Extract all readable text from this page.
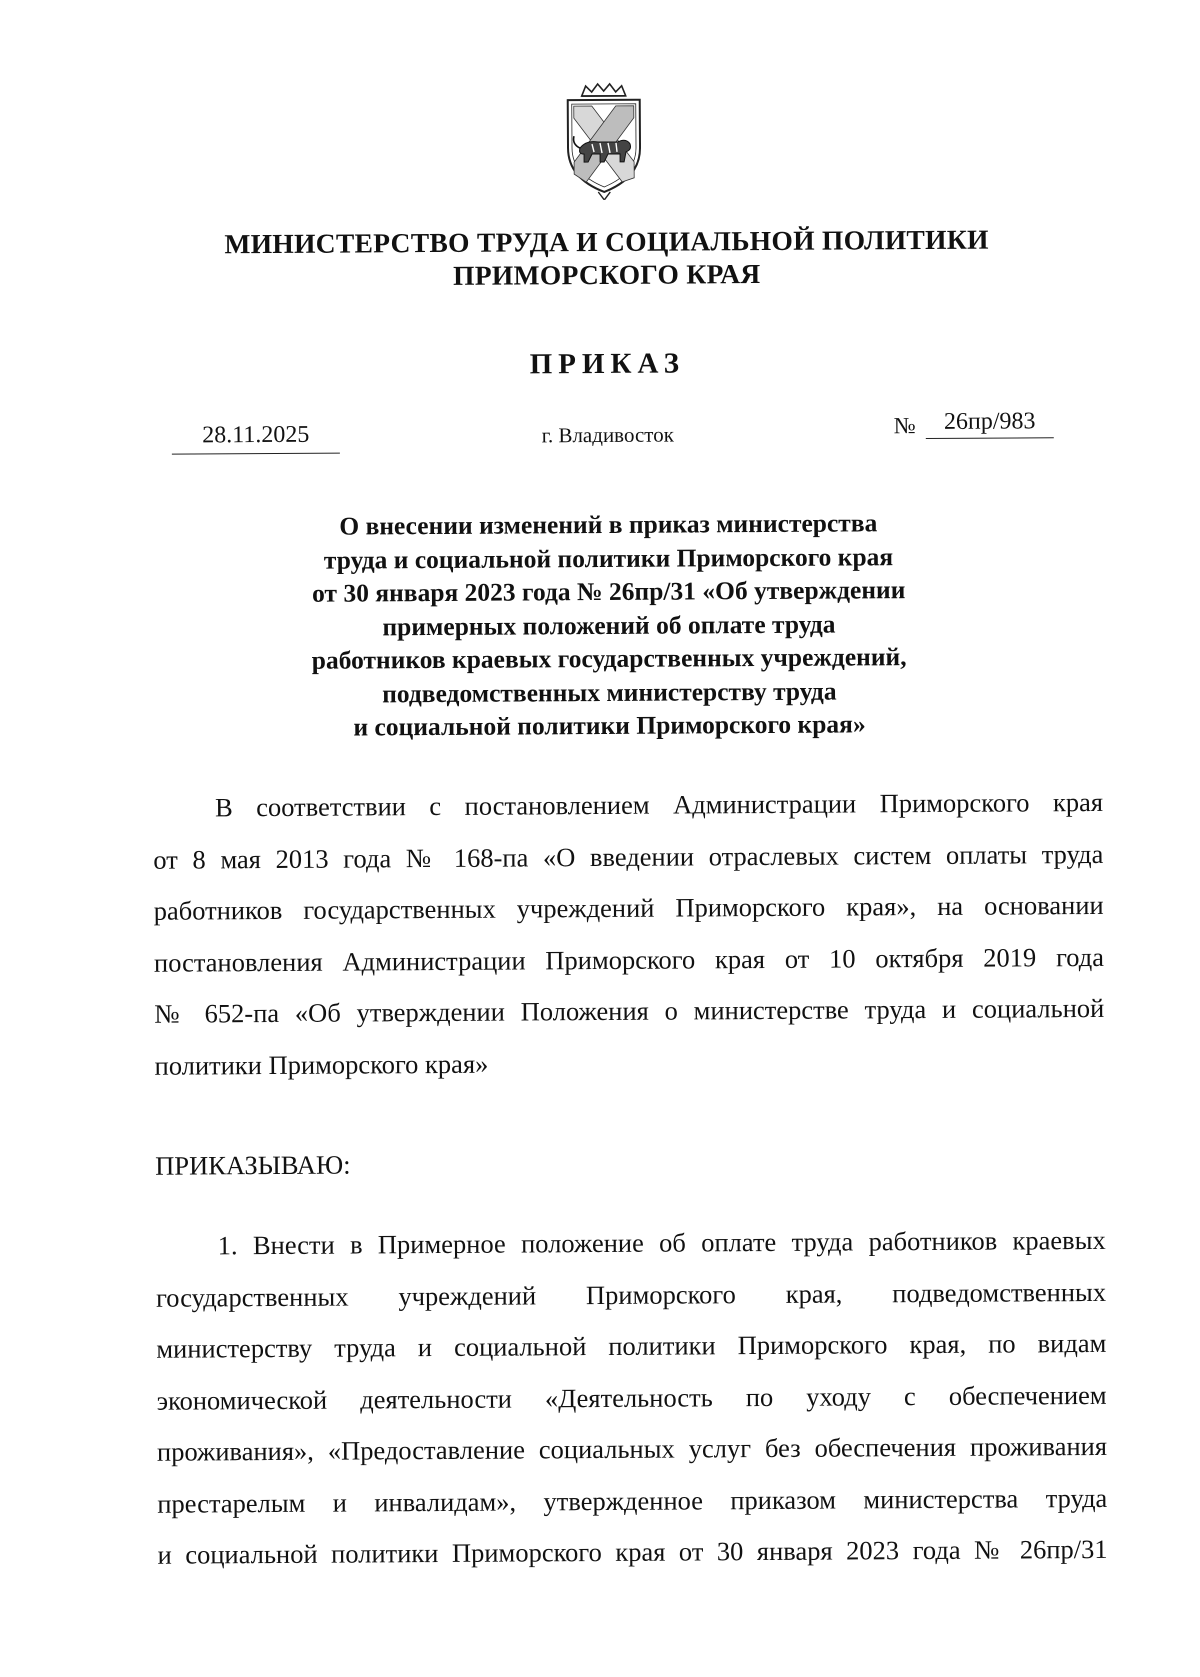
МИНИСТЕРСТВО ТРУДА И СОЦИАЛЬНОЙ ПОЛИТИКИ
ПРИМОРСКОГО КРАЯ
ПРИКАЗ
28.11.2025	г. Владивосток	№	26пр/983
О внесении изменений в приказ министерства
труда и социальной политики Приморского края
от 30 января 2023 года № 26пр/31 «Об утверждении
примерных положений об оплате труда
работников краевых государственных учреждений,
подведомственных министерству труда
и социальной политики Приморского края»
В соответствии с постановлением Администрации Приморского края
от 8 мая 2013 года № 168-па «О введении отраслевых систем оплаты труда
работников государственных учреждений Приморского края», на основании
постановления Администрации Приморского края от 10 октября 2019 года
№ 652-па «Об утверждении Положения о министерстве труда и социальной
политики Приморского края»
ПРИКАЗЫВАЮ:
1. Внести в Примерное положение об оплате труда работников краевых
государственных учреждений Приморского края, подведомственных
министерству труда и социальной политики Приморского края, по видам
экономической деятельности «Деятельность по уходу с обеспечением
проживания», «Предоставление социальных услуг без обеспечения проживания
престарелым и инвалидам», утвержденное приказом министерства труда
и социальной политики Приморского края от 30 января 2023 года № 26пр/31
